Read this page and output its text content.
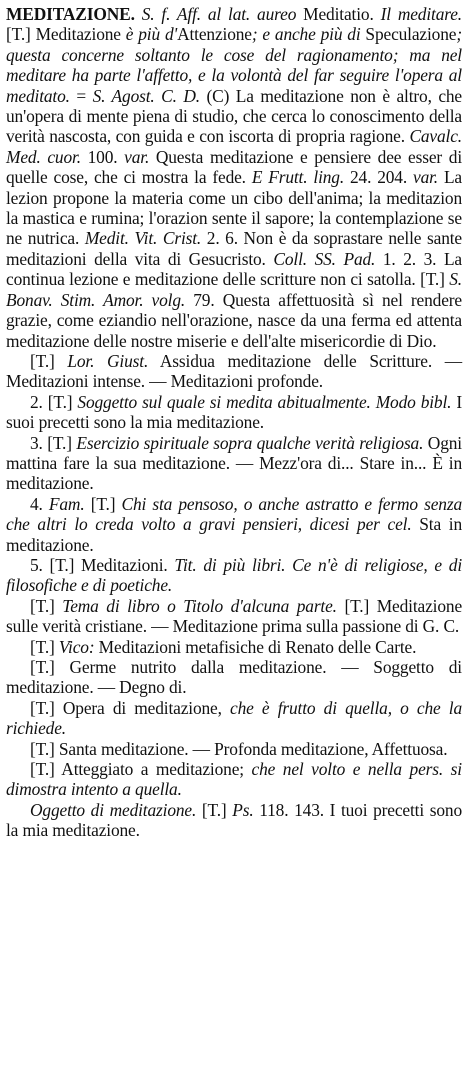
MEDITAZIONE. S. f. Aff. al lat. aureo Meditatio. Il meditare. [T.] Meditazione è più d'Attenzione; e anche più di Speculazione; questa concerne soltanto le cose del ragionamento; ma nel meditare ha parte l'affetto, e la volontà del far seguire l'opera al meditato. = S. Agost. C. D. (C) La meditazione non è altro, che un'opera di mente piena di studio, che cerca lo conoscimento della verità nascosta, con guida e con iscorta di propria ragione. Cavalc. Med. cuor. 100. var. Questa meditazione e pensiere dee esser di quelle cose, che ci mostra la fede. E Frutt. ling. 24. 204. var. La lezion propone la materia come un cibo dell'anima; la meditazion la mastica e rumina; l'orazion sente il sapore; la contemplazione se ne nutrica. Medit. Vit. Crist. 2. 6. Non è da soprastare nelle sante meditazioni della vita di Gesucristo. Coll. SS. Pad. 1. 2. 3. La continua lezione e meditazione delle scritture non ci satolla. [T.] S. Bonav. Stim. Amor. volg. 79. Questa affettuosità sì nel rendere grazie, come eziandio nell'orazione, nasce da una ferma ed attenta meditazione delle nostre miserie e dell'alte misericordie di Dio.

[T.] Lor. Giust. Assidua meditazione delle Scritture. — Meditazioni intense. — Meditazioni profonde.

2. [T.] Soggetto sul quale si medita abitualmente. Modo bibl. I suoi precetti sono la mia meditazione.

3. [T.] Esercizio spirituale sopra qualche verità religiosa. Ogni mattina fare la sua meditazione. — Mezz'ora di... Stare in... È in meditazione.

4. Fam. [T.] Chi sta pensoso, o anche astratto e fermo senza che altri lo creda volto a gravi pensieri, dicesi per cel. Sta in meditazione.

5. [T.] Meditazioni. Tit. di più libri. Ce n'è di religiose, e di filosofiche e di poetiche.

[T.] Tema di libro o Titolo d'alcuna parte. [T.] Meditazione sulle verità cristiane. — Meditazione prima sulla passione di G. C.

[T.] Vico: Meditazioni metafisiche di Renato delle Carte.

[T.] Germe nutrito dalla meditazione. — Soggetto di meditazione. — Degno di.

[T.] Opera di meditazione, che è frutto di quella, o che la richiede.

[T.] Santa meditazione. — Profonda meditazione, Affettuosa.

[T.] Atteggiato a meditazione; che nel volto e nella pers. si dimostra intento a quella.

Oggetto di meditazione. [T.] Ps. 118. 143. I tuoi precetti sono la mia meditazione.
